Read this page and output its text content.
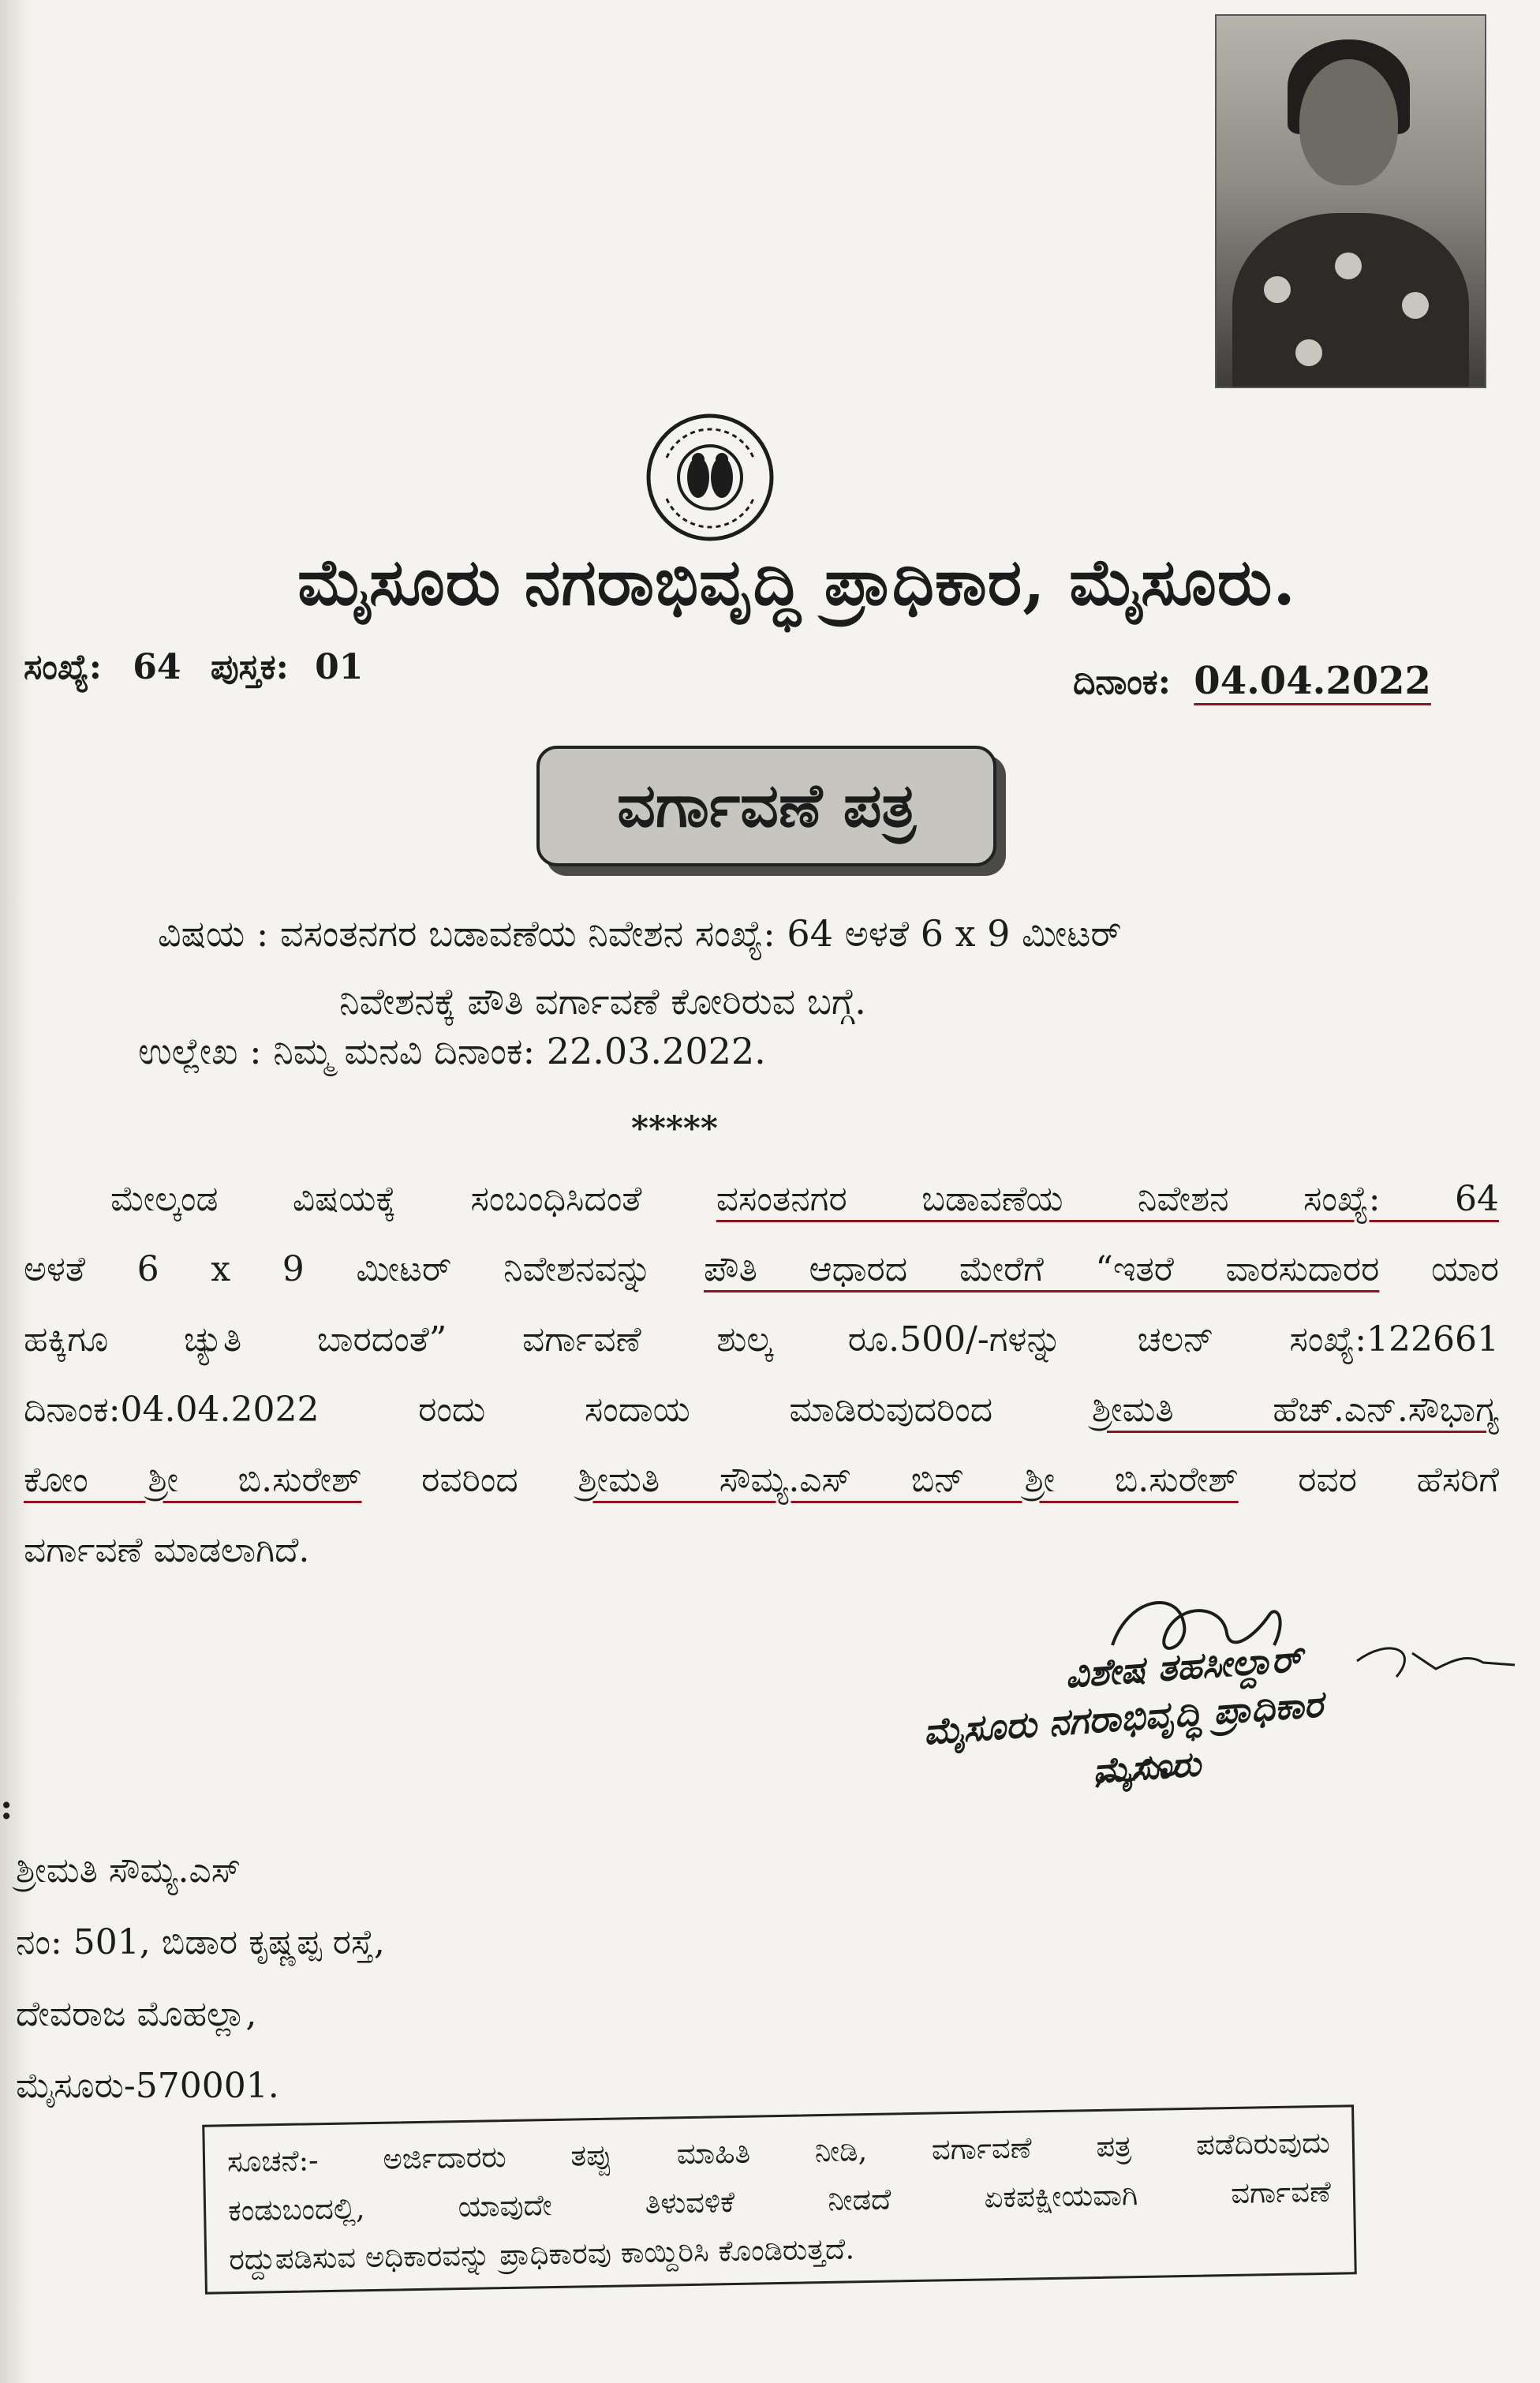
ಮೈಸೂರು ನಗರಾಭಿವೃದ್ಧಿ ಪ್ರಾಧಿಕಾರ, ಮೈಸೂರು.
ಸಂಖ್ಯೆ: 64 ಪುಸ್ತಕ: 01	ದಿನಾಂಕ: 04.04.2022
ವರ್ಗಾವಣೆ ಪತ್ರ
ವಿಷಯ : ವಸಂತನಗರ ಬಡಾವಣೆಯ ನಿವೇಶನ ಸಂಖ್ಯೆ: 64 ಅಳತೆ 6 x 9 ಮೀಟರ್
ನಿವೇಶನಕ್ಕೆ ಪೌತಿ ವರ್ಗಾವಣೆ ಕೋರಿರುವ ಬಗ್ಗೆ.
ಉಲ್ಲೇಖ : ನಿಮ್ಮ ಮನವಿ ದಿನಾಂಕ: 22.03.2022.
*****

ಮೇಲ್ಕಂಡ ವಿಷಯಕ್ಕೆ ಸಂಬಂಧಿಸಿದಂತೆ ವಸಂತನಗರ ಬಡಾವಣೆಯ ನಿವೇಶನ ಸಂಖ್ಯೆ: 64

ಅಳತೆ 6 x 9 ಮೀಟರ್ ನಿವೇಶನವನ್ನು ಪೌತಿ ಆಧಾರದ ಮೇರೆಗೆ “ಇತರೆ ವಾರಸುದಾರರ ಯಾರ

ಹಕ್ಕಿಗೂ ಚ್ಯುತಿ ಬಾರದಂತೆ” ವರ್ಗಾವಣೆ ಶುಲ್ಕ ರೂ.500/-ಗಳನ್ನು ಚಲನ್ ಸಂಖ್ಯೆ:122661

ದಿನಾಂಕ:04.04.2022 ರಂದು ಸಂದಾಯ ಮಾಡಿರುವುದರಿಂದ ಶ್ರೀಮತಿ ಹೆಚ್.ಎನ್.ಸೌಭಾಗ್ಯ

ಕೋಂ ಶ್ರೀ ಬಿ.ಸುರೇಶ್ ರವರಿಂದ ಶ್ರೀಮತಿ ಸೌಮ್ಯ.ಎಸ್ ಬಿನ್ ಶ್ರೀ ಬಿ.ಸುರೇಶ್ ರವರ ಹೆಸರಿಗೆ

ವರ್ಗಾವಣೆ ಮಾಡಲಾಗಿದೆ.

ವಿಶೇಷ ತಹಸೀಲ್ದಾರ್
ಮೈಸೂರು ನಗರಾಭಿವೃದ್ಧಿ ಪ್ರಾಧಿಕಾರ
ಮೈಸೂರು
:
ಶ್ರೀಮತಿ ಸೌಮ್ಯ.ಎಸ್
ನಂ: 501, ಬಿಡಾರ ಕೃಷ್ಣಪ್ಪ ರಸ್ತೆ,
ದೇವರಾಜ ಮೊಹಲ್ಲಾ,
ಮೈಸೂರು-570001.

ಸೂಚನೆ:- ಅರ್ಜಿದಾರರು ತಪ್ಪು ಮಾಹಿತಿ ನೀಡಿ, ವರ್ಗಾವಣೆ ಪತ್ರ ಪಡೆದಿರುವುದು

ಕಂಡುಬಂದಲ್ಲಿ, ಯಾವುದೇ ತಿಳುವಳಿಕೆ ನೀಡದೆ ಏಕಪಕ್ಷೀಯವಾಗಿ ವರ್ಗಾವಣೆ

ರದ್ದುಪಡಿಸುವ ಅಧಿಕಾರವನ್ನು ಪ್ರಾಧಿಕಾರವು ಕಾಯ್ದಿರಿಸಿ ಕೊಂಡಿರುತ್ತದೆ.
